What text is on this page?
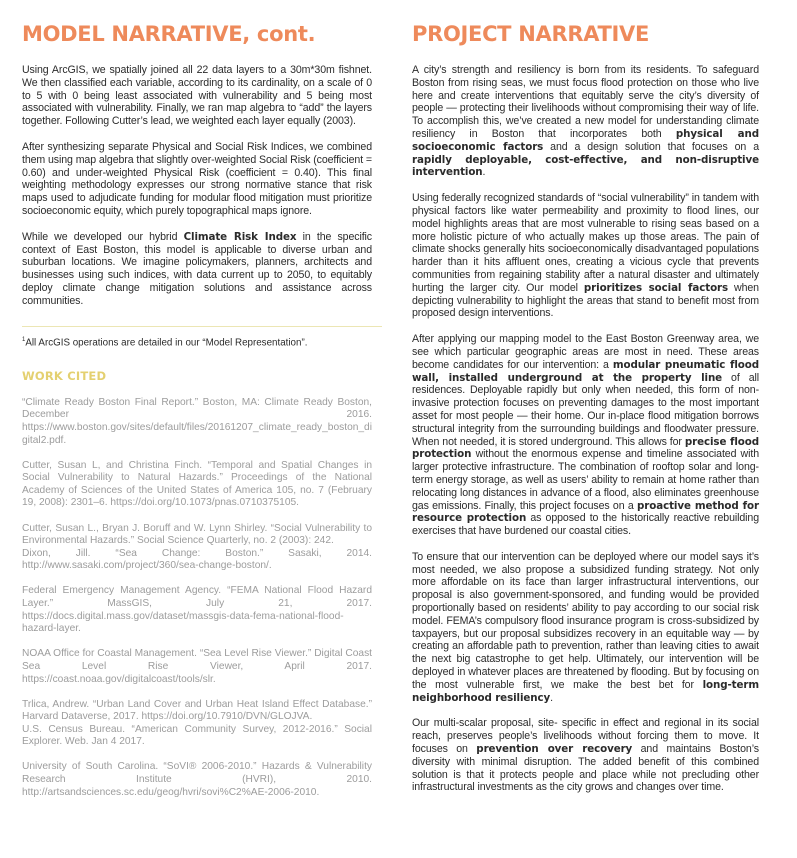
MODEL NARRATIVE, cont.

Using ArcGIS, we spatially joined all 22 data layers to a 30m*30m fishnet. We then classified each variable, according to its cardinality, on a scale of 0 to 5 with 0 being least associated with vulnerability and 5 being most associated with vulnerability. Finally, we ran map algebra to “add” the layers together. Following Cutter’s lead, we weighted each layer equally (2003).

After synthesizing separate Physical and Social Risk Indices, we combined them using map algebra that slightly over-weighted Social Risk (coefficient = 0.60) and under-weighted Physical Risk (coefficient = 0.40). This final weighting methodology expresses our strong normative stance that risk maps used to adjudicate funding for modular flood mitigation must prioritize socioeconomic equity, which purely topographical maps ignore.

While we developed our hybrid Climate Risk Index in the specific context of East Boston, this model is applicable to diverse urban and suburban locations. We imagine policymakers, planners, architects and businesses using such indices, with data current up to 2050, to equitably deploy climate change mitigation solutions and assistance across communities.

$^1$All ArcGIS operations are detailed in our “Model Representation”.
WORK CITED
“Climate Ready Boston Final Report.” Boston, MA: Climate Ready Boston, December 2016. https://www.boston.gov/sites/default/files/20161207_climate_ready_boston_digital2.pdf.
Cutter, Susan L, and Christina Finch. “Temporal and Spatial Changes in Social Vulnerability to Natural Hazards.” Proceedings of the National Academy of Sciences of the United States of America 105, no. 7 (February 19, 2008): 2301–6. https://doi.org/10.1073/pnas.0710375105.
Cutter, Susan L., Bryan J. Boruff and W. Lynn Shirley. “Social Vulnerability to Environmental Hazards.” Social Science Quarterly, no. 2 (2003): 242.
Dixon, Jill. “Sea Change: Boston.” Sasaki, 2014. http://www.sasaki.com/project/360/sea-change-boston/.
Federal Emergency Management Agency. “FEMA National Flood Hazard Layer.” MassGIS, July 21, 2017. https://docs.digital.mass.gov/dataset/massgis-data-fema-national-flood-hazard-layer.
NOAA Office for Coastal Management. “Sea Level Rise Viewer.” Digital Coast Sea Level Rise Viewer, April 2017. https://coast.noaa.gov/digitalcoast/tools/slr.
Trlica, Andrew. “Urban Land Cover and Urban Heat Island Effect Database.” Harvard Dataverse, 2017. https://doi.org/10.7910/DVN/GLOJVA.
U.S. Census Bureau. “American Community Survey, 2012-2016.” Social Explorer. Web. Jan 4 2017.
University of South Carolina. “SoVI® 2006-2010.” Hazards & Vulnerability Research Institute (HVRI), 2010. http://artsandsciences.sc.edu/geog/hvri/sovi%C2%AE-2006-2010.
PROJECT NARRATIVE

A city’s strength and resiliency is born from its residents. To safeguard Boston from rising seas, we must focus flood protection on those who live here and create interventions that equitably serve the city’s diversity of people — protecting their livelihoods without compromising their way of life. To accomplish this, we’ve created a new model for understanding climate resiliency in Boston that incorporates both physical and socioeconomic factors and a design solution that focuses on a rapidly deployable, cost-effective, and non-disruptive intervention.

Using federally recognized standards of “social vulnerability” in tandem with physical factors like water permeability and proximity to flood lines, our model highlights areas that are most vulnerable to rising seas based on a more holistic picture of who actually makes up those areas. The pain of climate shocks generally hits socioeconomically disadvantaged populations harder than it hits affluent ones, creating a vicious cycle that prevents communities from regaining stability after a natural disaster and ultimately hurting the larger city. Our model prioritizes social factors when depicting vulnerability to highlight the areas that stand to benefit most from proposed design interventions.

After applying our mapping model to the East Boston Greenway area, we see which particular geographic areas are most in need. These areas become candidates for our intervention: a modular pneumatic flood wall, installed underground at the property line of all residences. Deployable rapidly but only when needed, this form of non-invasive protection focuses on preventing damages to the most important asset for most people — their home. Our in-place flood mitigation borrows structural integrity from the surrounding buildings and floodwater pressure. When not needed, it is stored underground. This allows for precise flood protection without the enormous expense and timeline associated with larger protective infrastructure. The combination of rooftop solar and long-term energy storage, as well as users’ ability to remain at home rather than relocating long distances in advance of a flood, also eliminates greenhouse gas emissions. Finally, this project focuses on a proactive method for resource protection as opposed to the historically reactive rebuilding exercises that have burdened our coastal cities.

To ensure that our intervention can be deployed where our model says it’s most needed, we also propose a subsidized funding strategy. Not only more affordable on its face than larger infrastructural interventions, our proposal is also government-sponsored, and funding would be provided proportionally based on residents’ ability to pay according to our social risk model. FEMA’s compulsory flood insurance program is cross-subsidized by taxpayers, but our proposal subsidizes recovery in an equitable way — by creating an affordable path to prevention, rather than leaving cities to await the next big catastrophe to get help. Ultimately, our intervention will be deployed in whatever places are threatened by flooding. But by focusing on the most vulnerable first, we make the best bet for long-term neighborhood resiliency.

Our multi-scalar proposal, site- specific in effect and regional in its social reach, preserves people’s livelihoods without forcing them to move. It focuses on prevention over recovery and maintains Boston’s diversity with minimal disruption. The added benefit of this combined solution is that it protects people and place while not precluding other infrastructural investments as the city grows and changes over time.
